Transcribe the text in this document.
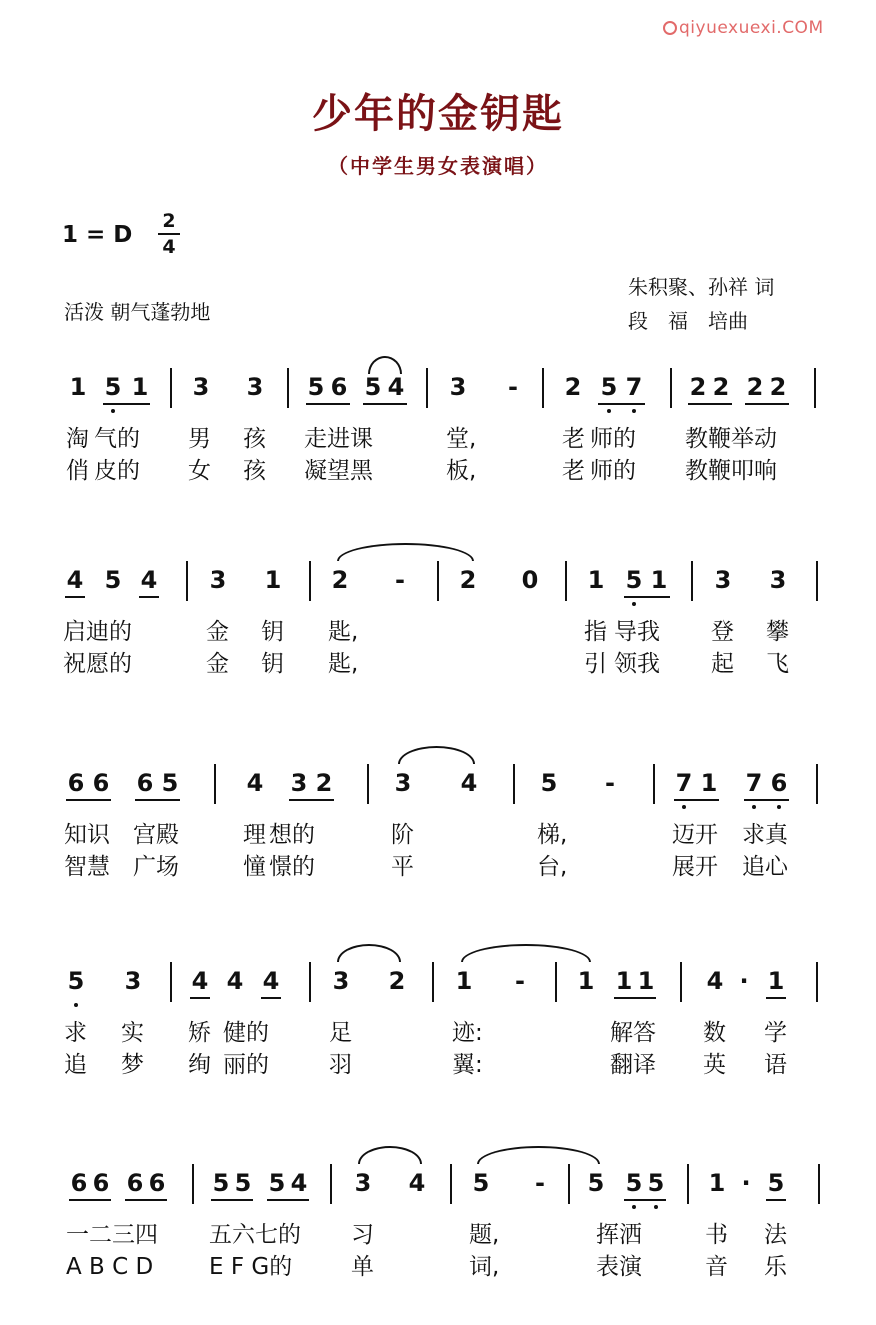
qiyuexuexi.COM
少年的金钥匙
（中学生男女表演唱）
1 = D
2
4
朱积聚、孙祥 词
段　福　培曲
活泼 朝气蓬勃地
1 5 1 3 3 5 6 5 4 3 - 2 5 7 2 2 2 2
淘 气的 男 孩 走进课	堂,	老 师的 教鞭举动
俏 皮的 女 孩 凝望黑	板,	老 师的 教鞭叩响
4 5 4 3 1 2 - 2 0 1 5 1 3 3
启迪的	金 钥 匙,	指 导我 登 攀
祝愿的	金 钥 匙,	引 领我 起 飞
6 6 6 5	4 3 2	3 4	5 -	7 1 7 6
知识 宫殿	理 想的	阶	梯,	迈开 求真
智慧 广场	憧 憬的	平	台,	展开 追心
5 3 4 4 4 3 2 1 - 1 1 1 4 · 1
求 实 矫 健的	足	迹:	解答 数 学
追 梦 绚 丽的	羽	翼:	翻译 英 语
6 6 6 6 5 5 5 4 3 4 5 - 5 5 5 1 · 5
一二三四 五六七的 习	题,	挥洒	书 法
A B C D E F G的	单	词,	表演	音 乐
